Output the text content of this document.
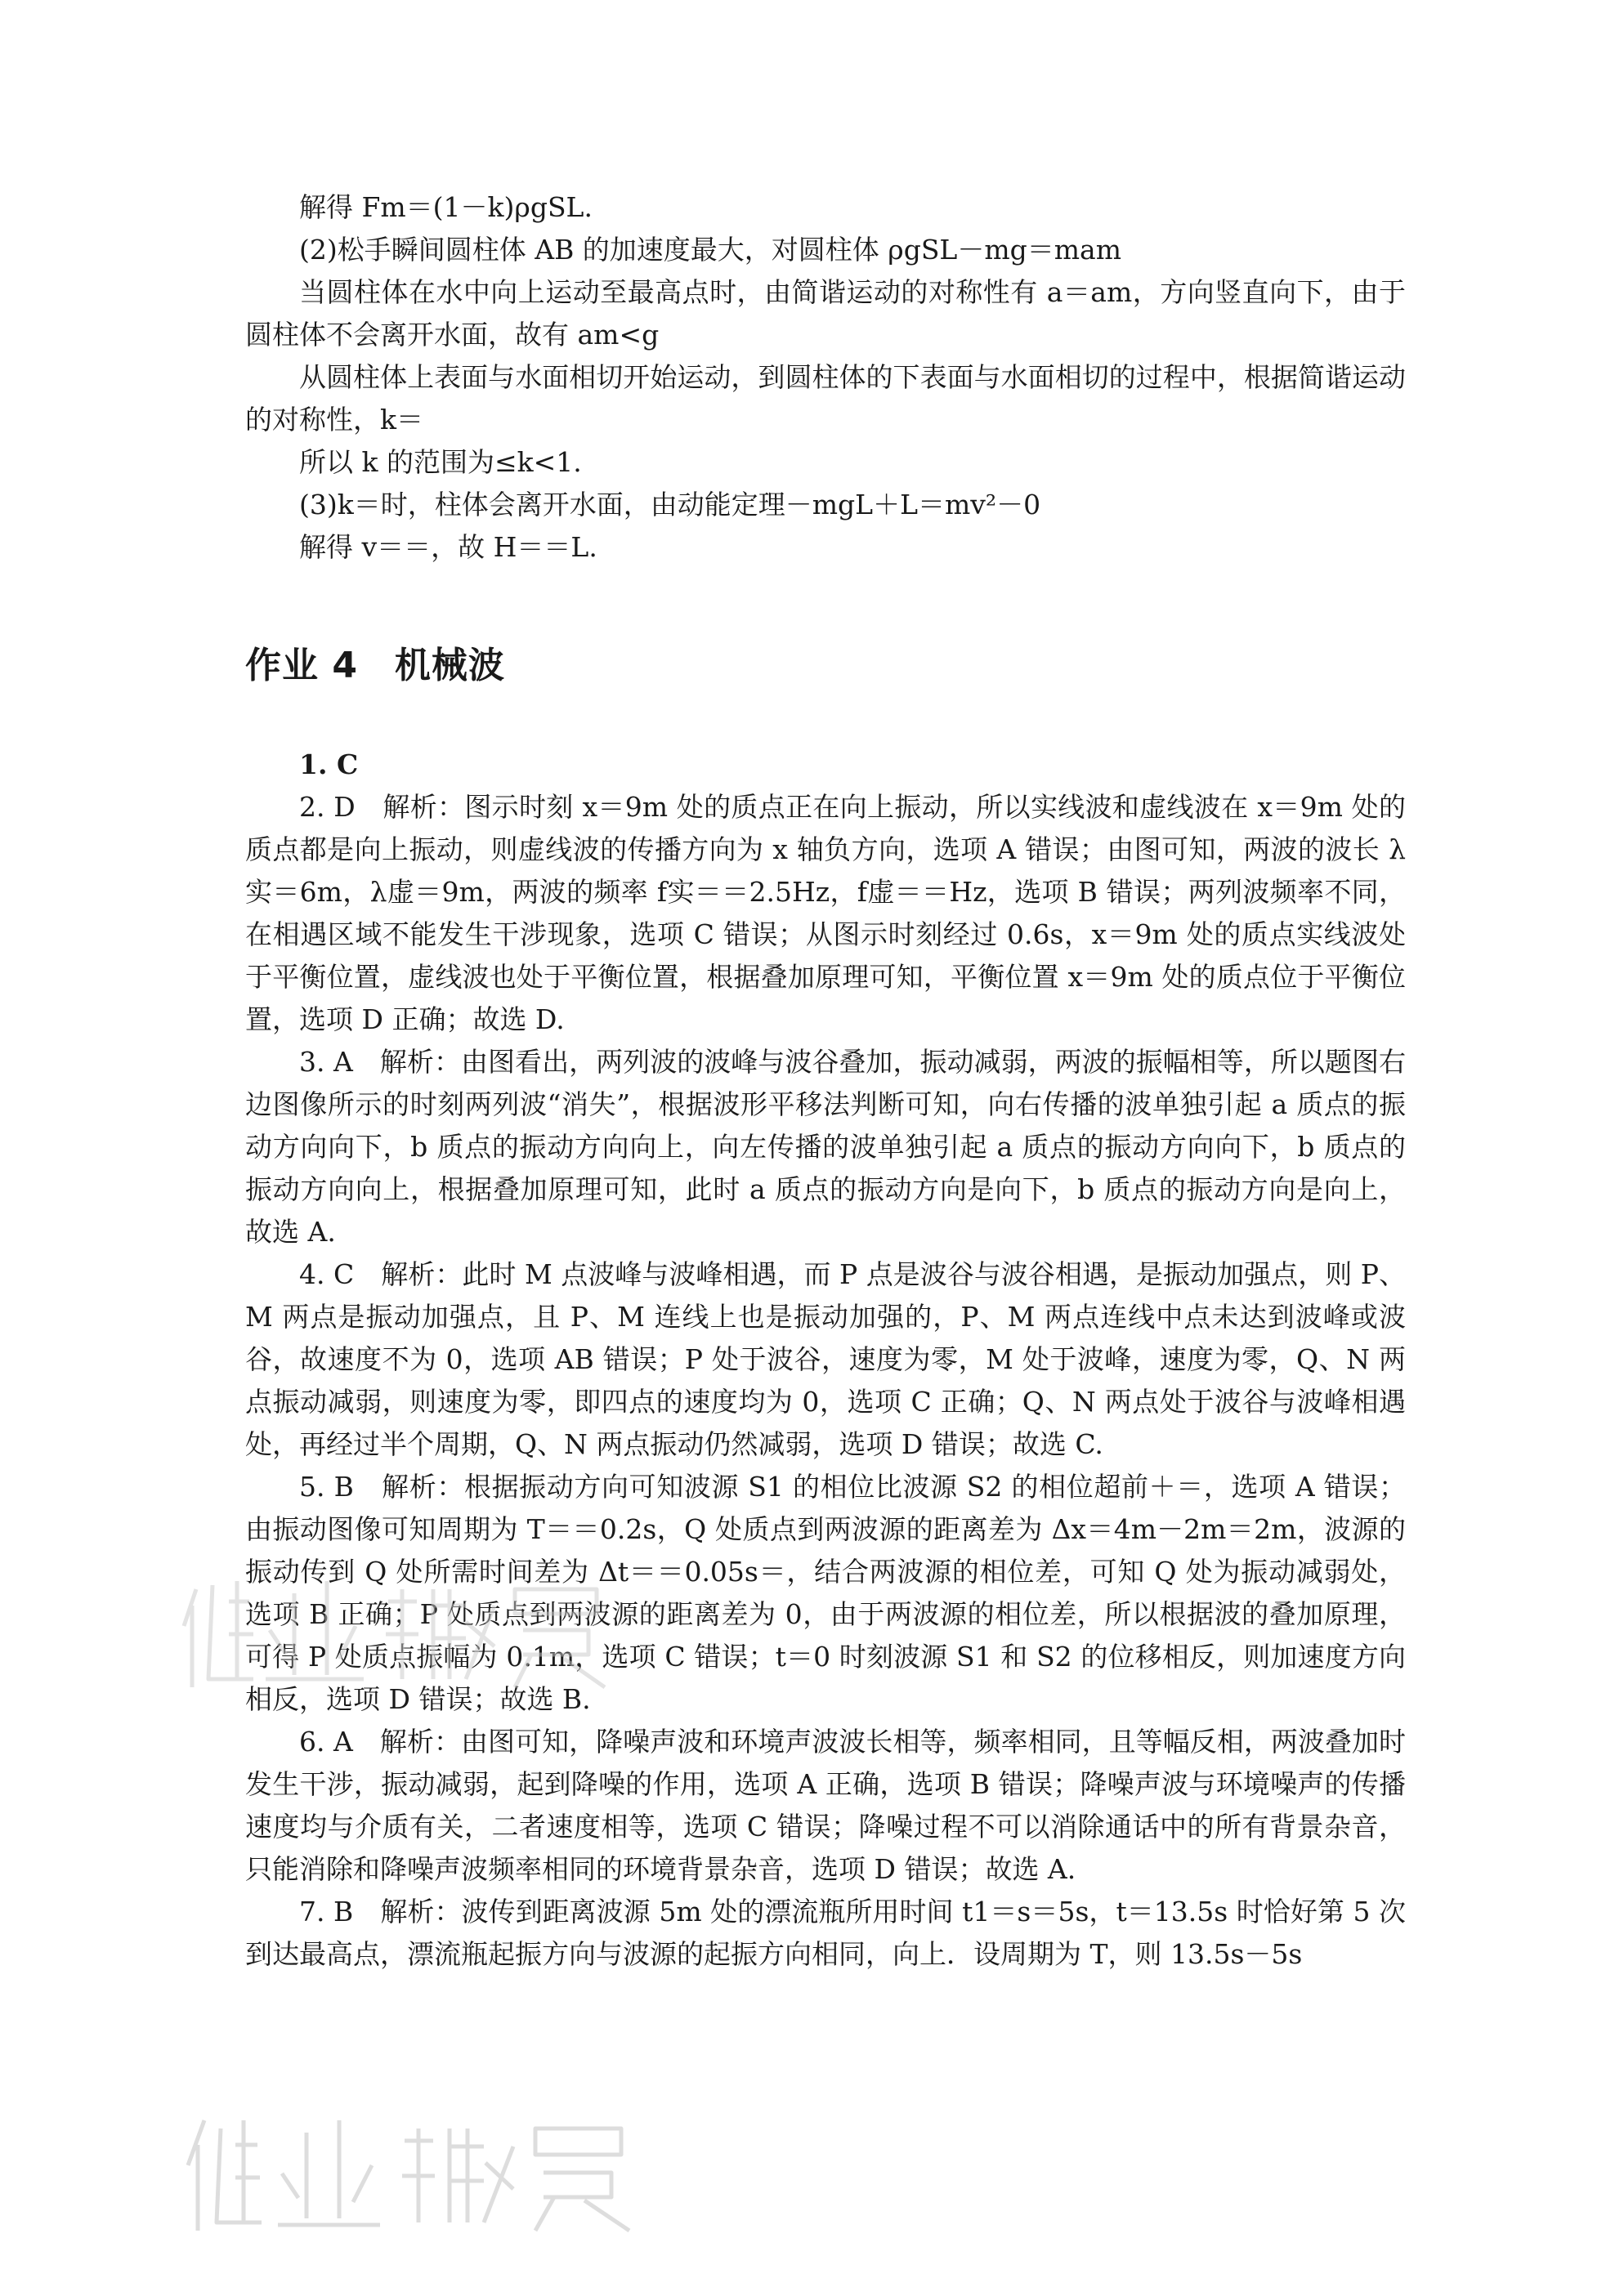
解得 Fm＝(1－k)ρgSL.

(2)松手瞬间圆柱体 AB 的加速度最大，对圆柱体 ρgSL－mg＝mam

当圆柱体在水中向上运动至最高点时，由简谐运动的对称性有 a＝am，方向竖直向下，由于圆柱体不会离开水面，故有 am<g

从圆柱体上表面与水面相切开始运动，到圆柱体的下表面与水面相切的过程中，根据简谐运动的对称性，k＝

所以 k 的范围为≤k<1.

(3)k＝时，柱体会离开水面，由动能定理－mgL＋L＝mv²－0

解得 v＝＝，故 H＝＝L.

作业 4　机械波

1. C

2. D　解析：图示时刻 x＝9m 处的质点正在向上振动，所以实线波和虚线波在 x＝9m 处的质点都是向上振动，则虚线波的传播方向为 x 轴负方向，选项 A 错误；由图可知，两波的波长 λ实＝6m，λ虚＝9m，两波的频率 f实＝＝2.5Hz，f虚＝＝Hz，选项 B 错误；两列波频率不同，在相遇区域不能发生干涉现象，选项 C 错误；从图示时刻经过 0.6s，x＝9m 处的质点实线波处于平衡位置，虚线波也处于平衡位置，根据叠加原理可知，平衡位置 x＝9m 处的质点位于平衡位置，选项 D 正确；故选 D.

3. A　解析：由图看出，两列波的波峰与波谷叠加，振动减弱，两波的振幅相等，所以题图右边图像所示的时刻两列波“消失”，根据波形平移法判断可知，向右传播的波单独引起 a 质点的振动方向向下，b 质点的振动方向向上，向左传播的波单独引起 a 质点的振动方向向下，b 质点的振动方向向上，根据叠加原理可知，此时 a 质点的振动方向是向下，b 质点的振动方向是向上，故选 A.

4. C　解析：此时 M 点波峰与波峰相遇，而 P 点是波谷与波谷相遇，是振动加强点，则 P、M 两点是振动加强点，且 P、M 连线上也是振动加强的，P、M 两点连线中点未达到波峰或波谷，故速度不为 0，选项 AB 错误；P 处于波谷，速度为零，M 处于波峰，速度为零，Q、N 两点振动减弱，则速度为零，即四点的速度均为 0，选项 C 正确；Q、N 两点处于波谷与波峰相遇处，再经过半个周期，Q、N 两点振动仍然减弱，选项 D 错误；故选 C.

5. B　解析：根据振动方向可知波源 S1 的相位比波源 S2 的相位超前＋＝，选项 A 错误；由振动图像可知周期为 T＝＝0.2s，Q 处质点到两波源的距离差为 Δx＝4m－2m＝2m，波源的振动传到 Q 处所需时间差为 Δt＝＝0.05s＝，结合两波源的相位差，可知 Q 处为振动减弱处，选项 B 正确；P 处质点到两波源的距离差为 0，由于两波源的相位差，所以根据波的叠加原理，可得 P 处质点振幅为 0.1m，选项 C 错误；t＝0 时刻波源 S1 和 S2 的位移相反，则加速度方向相反，选项 D 错误；故选 B.

6. A　解析：由图可知，降噪声波和环境声波波长相等，频率相同，且等幅反相，两波叠加时发生干涉，振动减弱，起到降噪的作用，选项 A 正确，选项 B 错误；降噪声波与环境噪声的传播速度均与介质有关，二者速度相等，选项 C 错误；降噪过程不可以消除通话中的所有背景杂音，只能消除和降噪声波频率相同的环境背景杂音，选项 D 错误；故选 A.

7. B　解析：波传到距离波源 5m 处的漂流瓶所用时间 t1＝s＝5s，t＝13.5s 时恰好第 5 次到达最高点，漂流瓶起振方向与波源的起振方向相同，向上．设周期为 T，则 13.5s－5s
